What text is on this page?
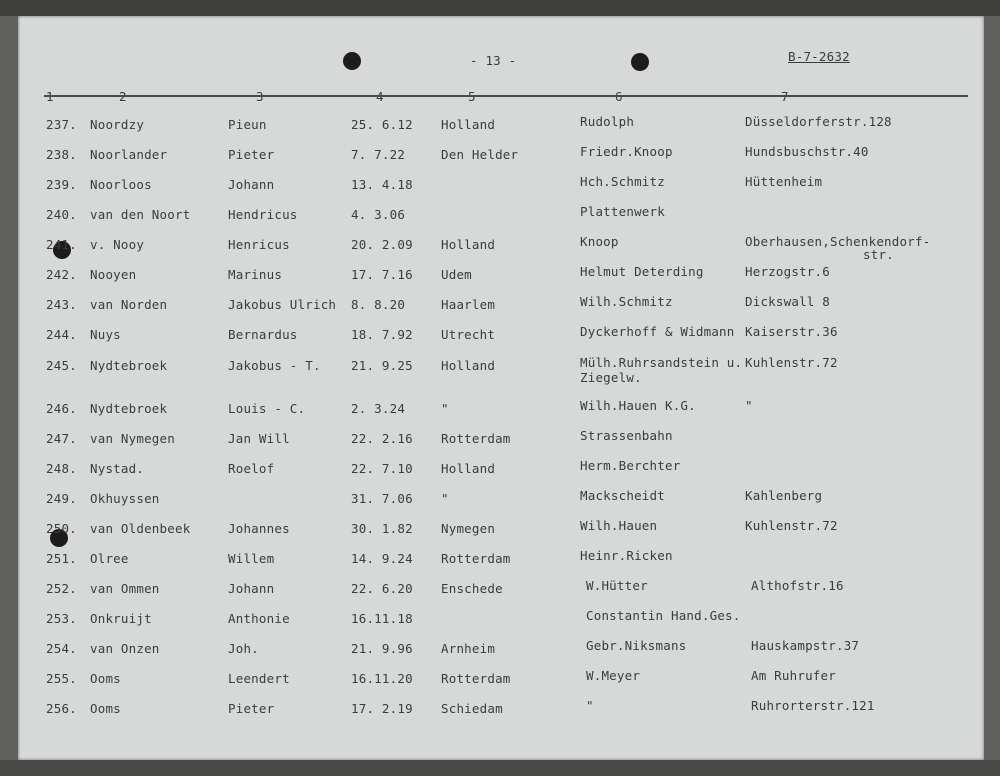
- 13 -	B-7-2632
237. Noordzy	Pieun	25. 6.12 Holland	Rudolph	Düsseldorferstr.128
238. Noorlander	Pieter	7. 7.22	Den Helder	Friedr.Knoop	Hundsbuschstr.40
239. Noorloos	Johann	13. 4.18	Hch.Schmitz	Hüttenheim
240. van den Noort	Hendricus	4. 3.06	Plattenwerk
241. v. Nooy	Henricus	20. 2.09 Holland	Knoop	Oberhausen,Schenkendorf-
str.
242. Nooyen	Marinus	17. 7.16 Udem	Helmut Deterding	Herzogstr.6
243. van Norden	Jakobus Ulrich 8. 8.20	Haarlem	Wilh.Schmitz	Dickswall 8
244. Nuys	Bernardus	18. 7.92 Utrecht	Dyckerhoff & Widmann Kaiserstr.36
245. Nydtebroek	Jakobus - T. 21. 9.25 Holland	Mülh.Ruhrsandstein u. Kuhlenstr.72
Ziegelw.
246. Nydtebroek	Louis - C.	2. 3.24	"	Wilh.Hauen K.G.	"
247. van Nymegen	Jan Will	22. 2.16 Rotterdam	Strassenbahn
248. Nystad.	Roelof	22. 7.10 Holland	Herm.Berchter
249. Okhuyssen	31. 7.06 "	Mackscheidt	Kahlenberg
250. van Oldenbeek	Johannes	30. 1.82 Nymegen	Wilh.Hauen	Kuhlenstr.72
251. Olree	Willem	14. 9.24 Rotterdam	Heinr.Ricken
252. van Ommen	Johann	22. 6.20 Enschede	W.Hütter	Althofstr.16
253. Onkruijt	Anthonie	16.11.18	Constantin Hand.Ges.
254. van Onzen	Joh.	21. 9.96 Arnheim	Gebr.Niksmans	Hauskampstr.37
255. Ooms	Leendert	16.11.20 Rotterdam	W.Meyer	Am Ruhrufer
256. Ooms	Pieter	17. 2.19 Schiedam	"	Ruhrorterstr.121
